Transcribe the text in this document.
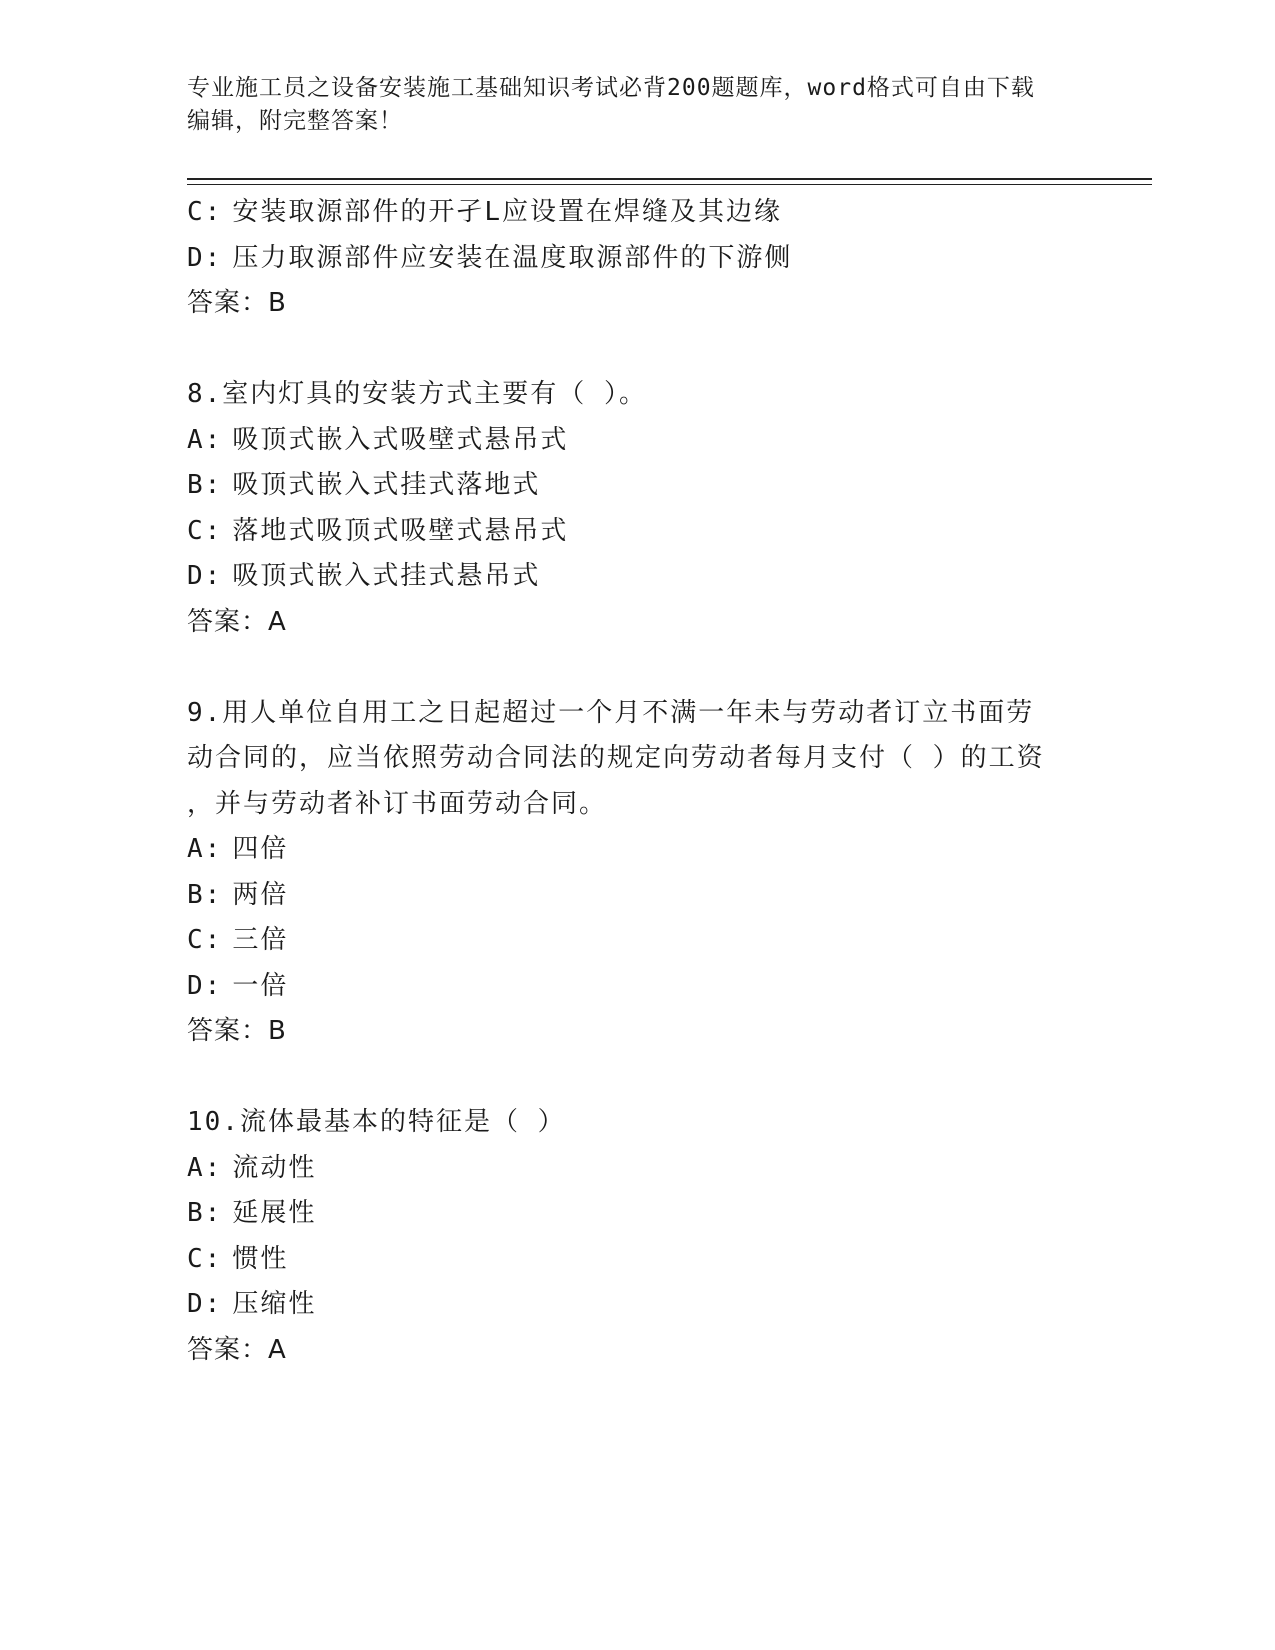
专业施工员之设备安装施工基础知识考试必背200题题库，word格式可自由下载
编辑，附完整答案！
C: 安装取源部件的开孑L应设置在焊缝及其边缘
D: 压力取源部件应安装在温度取源部件的下游侧
答案：B
8.室内灯具的安装方式主要有（ ）。
A: 吸顶式嵌入式吸壁式悬吊式
B: 吸顶式嵌入式挂式落地式
C: 落地式吸顶式吸壁式悬吊式
D: 吸顶式嵌入式挂式悬吊式
答案：A
9.用人单位自用工之日起超过一个月不满一年未与劳动者订立书面劳
动合同的，应当依照劳动合同法的规定向劳动者每月支付（ ）的工资
，并与劳动者补订书面劳动合同。
A: 四倍
B: 两倍
C: 三倍
D: 一倍
答案：B
10.流体最基本的特征是（ ）
A: 流动性
B: 延展性
C: 惯性
D: 压缩性
答案：A
